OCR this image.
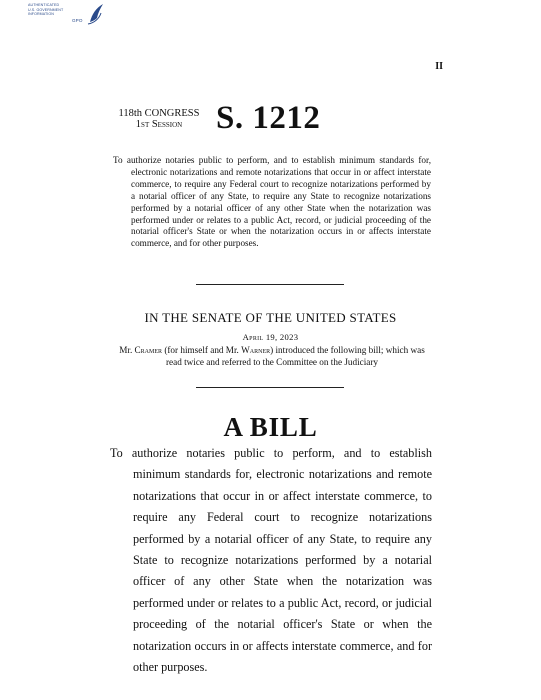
AUTHENTICATED
U.S. GOVERNMENT
INFORMATION
GPO
II
118th CONGRESS
1st Session	S. 1212
To authorize notaries public to perform, and to establish minimum standards for, electronic notarizations and remote notarizations that occur in or affect interstate commerce, to require any Federal court to recognize notarizations performed by a notarial officer of any State, to require any State to recognize notarizations performed by a notarial officer of any other State when the notarization was performed under or relates to a public Act, record, or judicial proceeding of the notarial officer's State or when the notarization occurs in or affects interstate commerce, and for other purposes.
IN THE SENATE OF THE UNITED STATES
April 19, 2023
Mr. Cramer (for himself and Mr. Warner) introduced the following bill; which was read twice and referred to the Committee on the Judiciary
A BILL
To authorize notaries public to perform, and to establish minimum standards for, electronic notarizations and remote notarizations that occur in or affect interstate commerce, to require any Federal court to recognize notarizations performed by a notarial officer of any State, to require any State to recognize notarizations performed by a notarial officer of any other State when the notarization was performed under or relates to a public Act, record, or judicial proceeding of the notarial officer's State or when the notarization occurs in or affects interstate commerce, and for other purposes.
